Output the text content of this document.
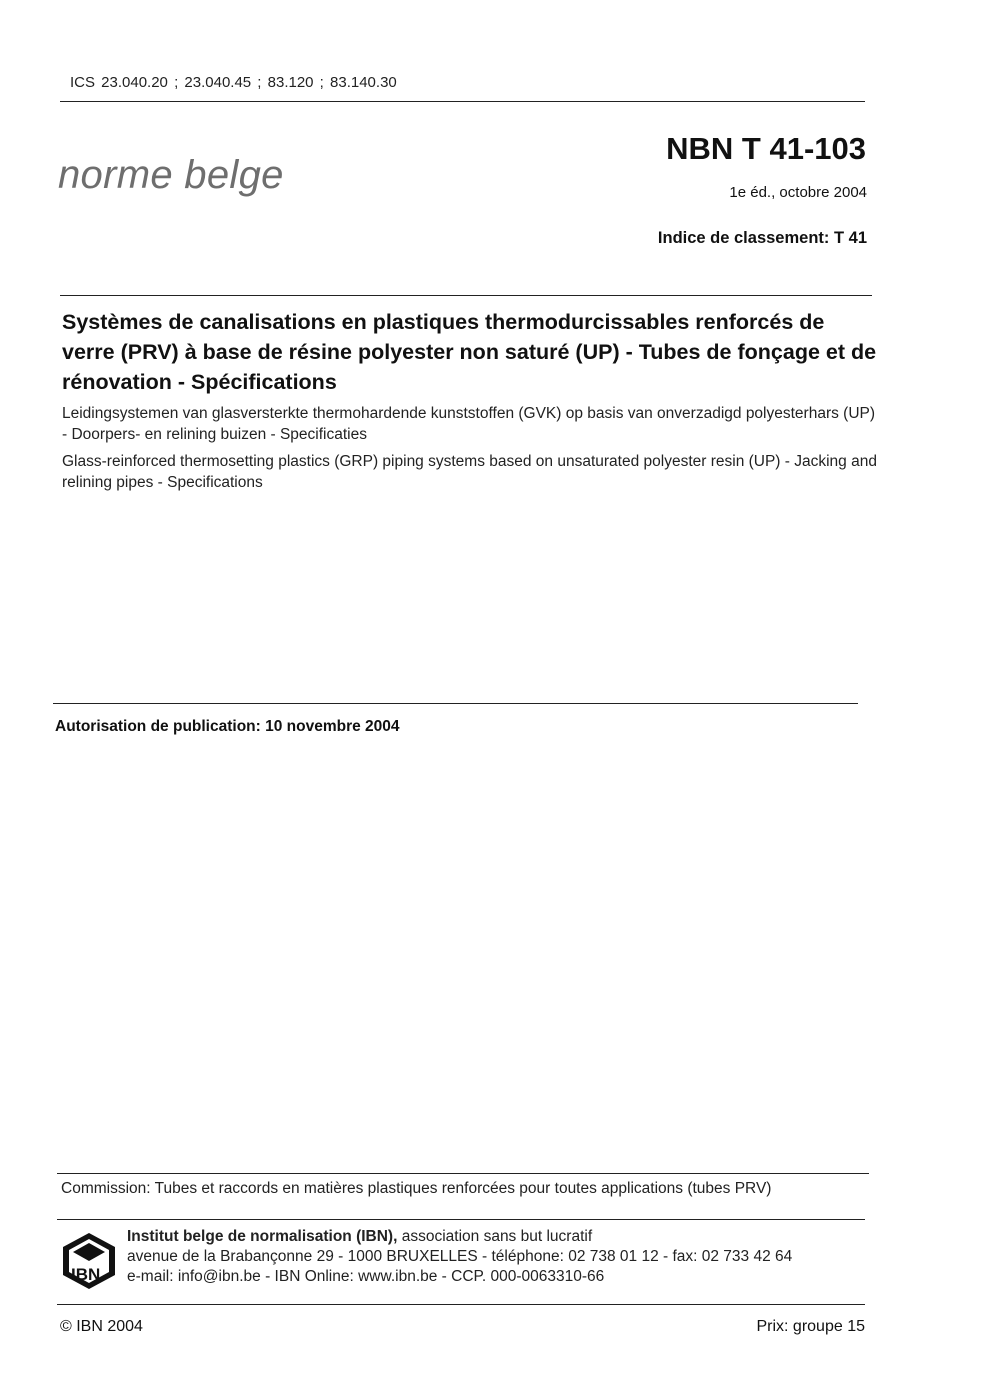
ICS 23.040.20 ; 23.040.45 ; 83.120 ; 83.140.30
norme belge
NBN T 41-103
1e éd., octobre 2004
Indice de classement: T 41
Systèmes de canalisations en plastiques thermodurcissables renforcés de verre (PRV) à base de résine polyester non saturé (UP) - Tubes de fonçage et de rénovation - Spécifications
Leidingsystemen van glasversterkte thermohardende kunststoffen (GVK) op basis van onverzadigd polyesterhars (UP) - Doorpers- en relining buizen - Specificaties
Glass-reinforced thermosetting plastics (GRP) piping systems based on unsaturated polyester resin (UP) - Jacking and relining pipes - Specifications
Autorisation de publication: 10 novembre 2004
Commission: Tubes et raccords en matières plastiques renforcées pour toutes applications (tubes PRV)
IBN
Institut belge de normalisation (IBN), association sans but lucratif
avenue de la Brabançonne 29 - 1000 BRUXELLES - téléphone: 02 738 01 12 - fax: 02 733 42 64
e-mail: info@ibn.be - IBN Online: www.ibn.be - CCP. 000-0063310-66
© IBN 2004	Prix: groupe 15
